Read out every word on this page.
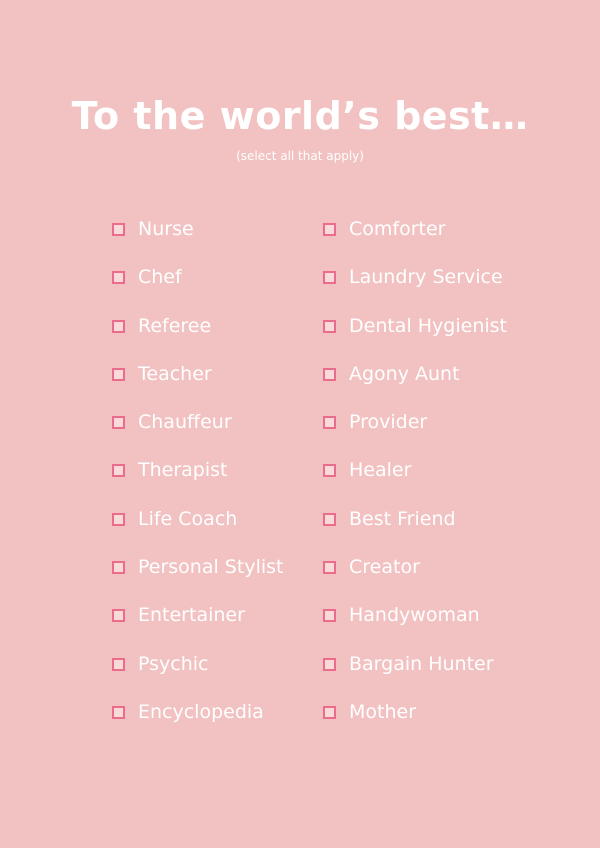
To the world’s best…
(select all that apply)
Nurse
Chef
Referee
Teacher
Chauffeur
Therapist
Life Coach
Personal Stylist
Entertainer
Psychic
Encyclopedia
Comforter
Laundry Service
Dental Hygienist
Agony Aunt
Provider
Healer
Best Friend
Creator
Handywoman
Bargain Hunter
Mother
